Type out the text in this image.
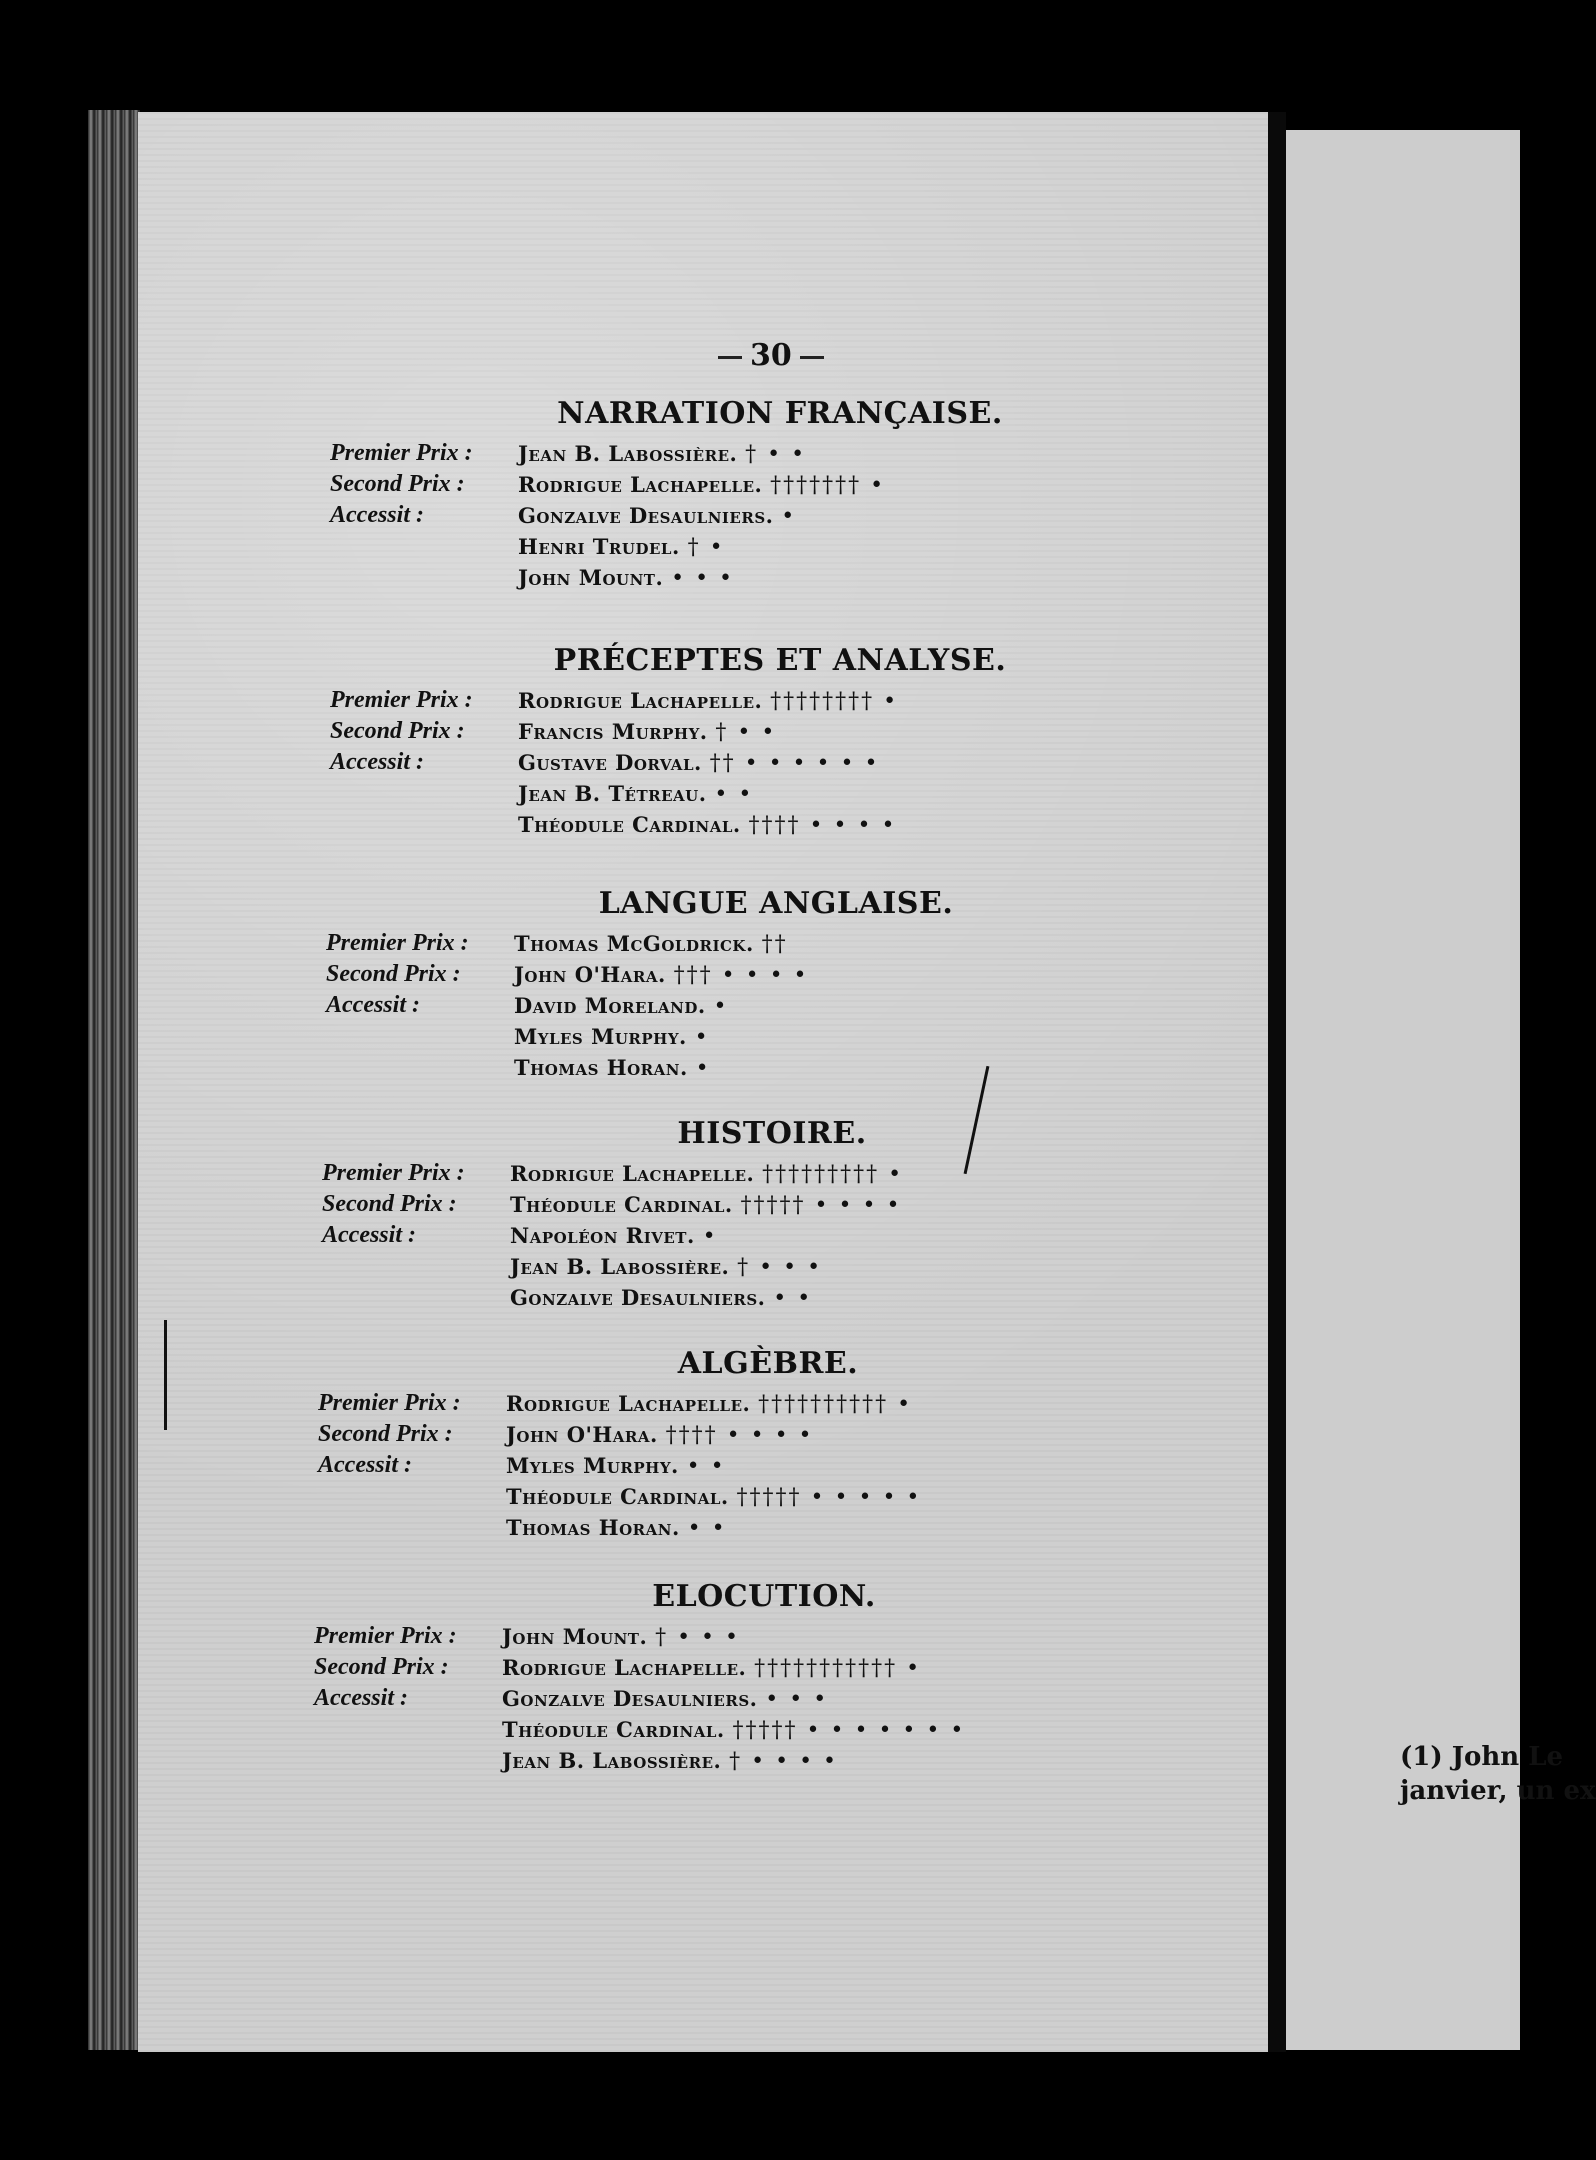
30
NARRATION FRANÇAISE.
Premier Prix :	Jean B. Labossière. † • •
Second Prix :	Rodrigue Lachapelle. ††††††† •
Accessit :	Gonzalve Desaulniers. •
Henri Trudel. † •
John Mount. • • •
PRÉCEPTES ET ANALYSE.
Premier Prix :	Rodrigue Lachapelle. †††††††† •
Second Prix :	Francis Murphy. † • •
Accessit :	Gustave Dorval. †† • • • • • •
Jean B. Tétreau. • •
Théodule Cardinal. †††† • • • •
LANGUE ANGLAISE.
Premier Prix :	Thomas McGoldrick. ††
Second Prix :	John O'Hara. ††† • • • •
Accessit :	David Moreland. •
Myles Murphy. •
Thomas Horan. •
HISTOIRE.
Premier Prix :	Rodrigue Lachapelle. ††††††††† •
Second Prix :	Théodule Cardinal. ††††† • • • •
Accessit :	Napoléon Rivet. •
Jean B. Labossière. † • • •
Gonzalve Desaulniers. • •
ALGÈBRE.
Premier Prix :	Rodrigue Lachapelle. †††††††††† •
Second Prix :	John O'Hara. †††† • • • •
Accessit :	Myles Murphy. • •
Théodule Cardinal. ††††† • • • • •
Thomas Horan. • •
ELOCUTION.
Premier Prix :	John Mount. † • • •
Second Prix :	Rodrigue Lachapelle. ††††††††††† •
Accessit :	Gonzalve Desaulniers. • • •
Théodule Cardinal. ††††† • • • • • • •
Jean B. Labossière. † • • • •	(1) John Le
janvier, un ex
